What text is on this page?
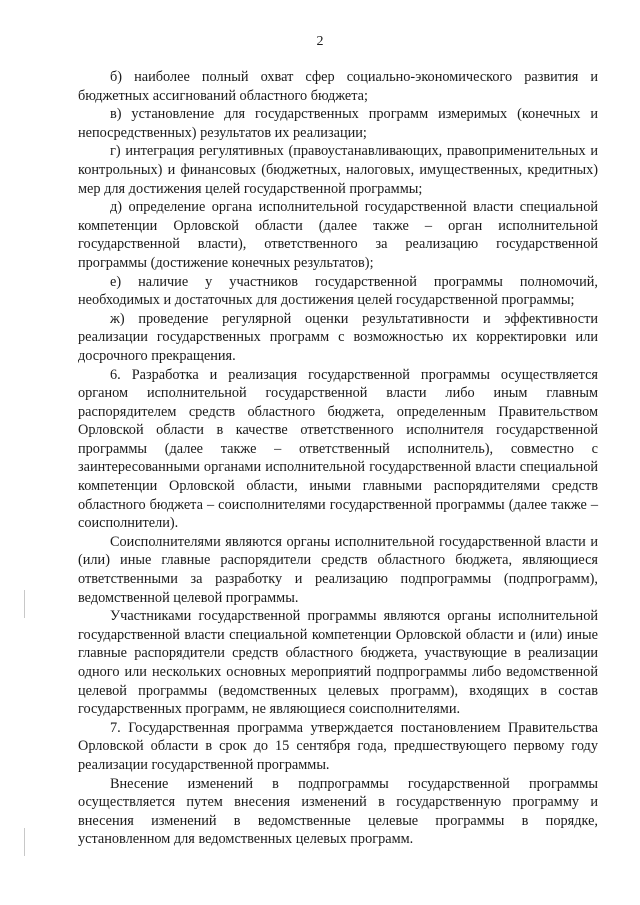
2

б) наиболее полный охват сфер социально-экономического развития и бюджетных ассигнований областного бюджета;

в) установление для государственных программ измеримых (конечных и непосредственных) результатов их реализации;

г) интеграция регулятивных (правоустанавливающих, правоприменительных и контрольных) и финансовых (бюджетных, налоговых, имущественных, кредитных) мер для достижения целей государственной программы;

д) определение органа исполнительной государственной власти специальной компетенции Орловской области (далее также – орган исполнительной государственной власти), ответственного за реализацию государственной программы (достижение конечных результатов);

е) наличие у участников государственной программы полномочий, необходимых и достаточных для достижения целей государственной программы;

ж) проведение регулярной оценки результативности и эффективности реализации государственных программ с возможностью их корректировки или досрочного прекращения.

6. Разработка и реализация государственной программы осуществляется органом исполнительной государственной власти либо иным главным распорядителем средств областного бюджета, определенным Правительством Орловской области в качестве ответственного исполнителя государственной программы (далее также – ответственный исполнитель), совместно с заинтересованными органами исполнительной государственной власти специальной компетенции Орловской области, иными главными распорядителями средств областного бюджета – соисполнителями государственной программы (далее также – соисполнители).

Соисполнителями являются органы исполнительной государственной власти и (или) иные главные распорядители средств областного бюджета, являющиеся ответственными за разработку и реализацию подпрограммы (подпрограмм), ведомственной целевой программы.

Участниками государственной программы являются органы исполнительной государственной власти специальной компетенции Орловской области и (или) иные главные распорядители средств областного бюджета, участвующие в реализации одного или нескольких основных мероприятий подпрограммы либо ведомственной целевой программы (ведомственных целевых программ), входящих в состав государственных программ, не являющиеся соисполнителями.

7. Государственная программа утверждается постановлением Правительства Орловской области в срок до 15 сентября года, предшествующего первому году реализации государственной программы.

Внесение изменений в подпрограммы государственной программы осуществляется путем внесения изменений в государственную программу и внесения изменений в ведомственные целевые программы в порядке, установленном для ведомственных целевых программ.
